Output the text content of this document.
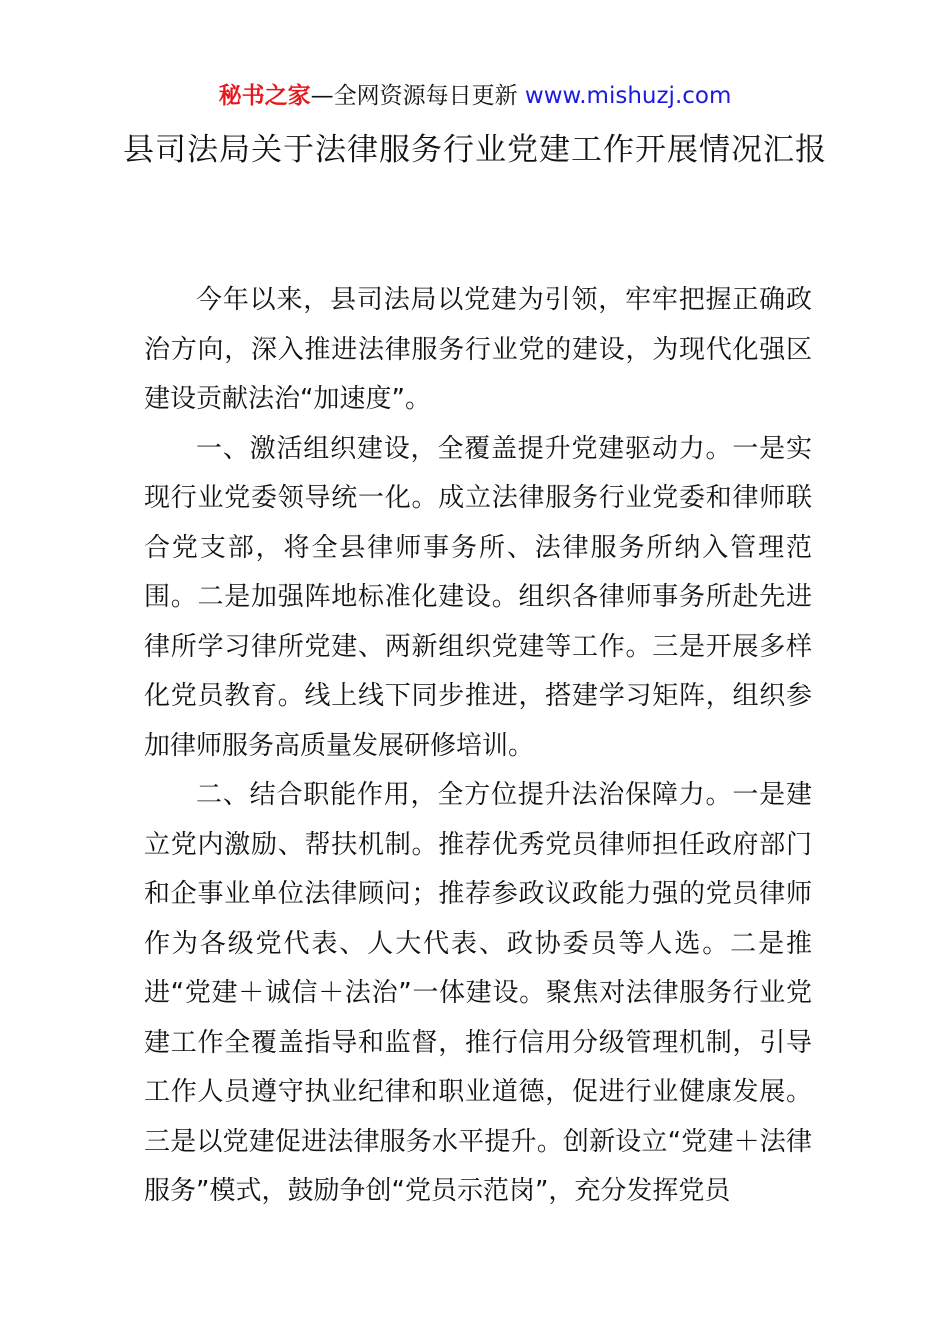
秘书之家—全网资源每日更新 www.mishuzj.com
县司法局关于法律服务行业党建工作开展情况汇报

今年以来，县司法局以党建为引领，牢牢把握正确政治方向，深入推进法律服务行业党的建设，为现代化强区建设贡献法治“加速度”。

一、激活组织建设，全覆盖提升党建驱动力。一是实现行业党委领导统一化。成立法律服务行业党委和律师联合党支部，将全县律师事务所、法律服务所纳入管理范围。二是加强阵地标准化建设。组织各律师事务所赴先进律所学习律所党建、两新组织党建等工作。三是开展多样化党员教育。线上线下同步推进，搭建学习矩阵，组织参加律师服务高质量发展研修培训。

二、结合职能作用，全方位提升法治保障力。一是建立党内激励、帮扶机制。推荐优秀党员律师担任政府部门和企事业单位法律顾问；推荐参政议政能力强的党员律师作为各级党代表、人大代表、政协委员等人选。二是推进“党建＋诚信＋法治”一体建设。聚焦对法律服务行业党建工作全覆盖指导和监督，推行信用分级管理机制，引导工作人员遵守执业纪律和职业道德，促进行业健康发展。三是以党建促进法律服务水平提升。创新设立“党建＋法律服务”模式，鼓励争创“党员示范岗”，充分发挥党员
